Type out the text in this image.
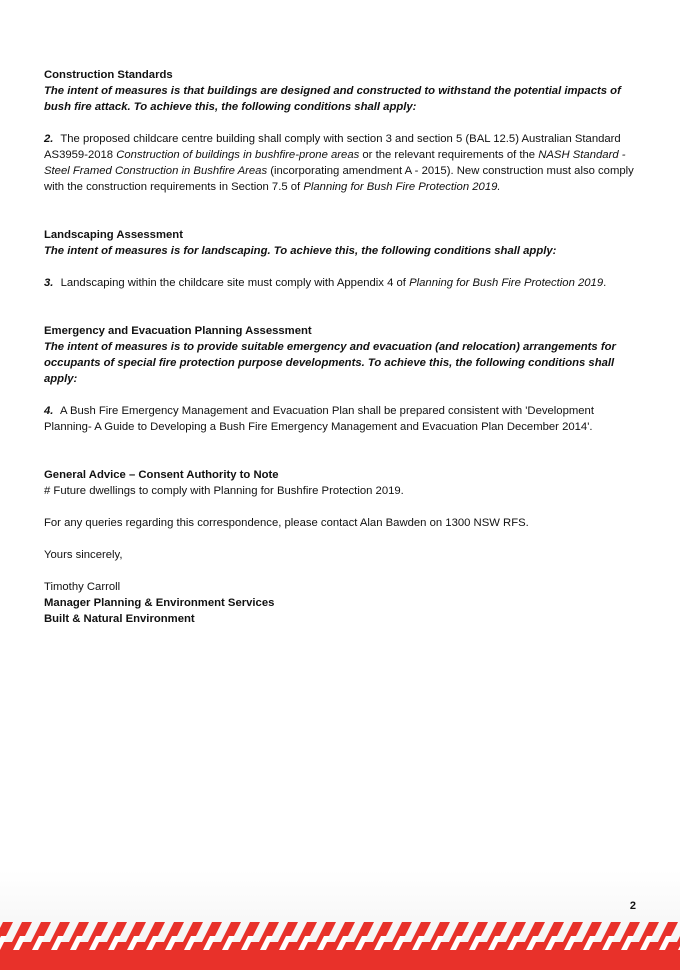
Construction Standards

The intent of measures is that buildings are designed and constructed to withstand the potential impacts of bush fire attack. To achieve this, the following conditions shall apply:

2. The proposed childcare centre building shall comply with section 3 and section 5 (BAL 12.5) Australian Standard AS3959-2018 Construction of buildings in bushfire-prone areas or the relevant requirements of the NASH Standard - Steel Framed Construction in Bushfire Areas (incorporating amendment A - 2015). New construction must also comply with the construction requirements in Section 7.5 of Planning for Bush Fire Protection 2019.

Landscaping Assessment

The intent of measures is for landscaping. To achieve this, the following conditions shall apply:

3. Landscaping within the childcare site must comply with Appendix 4 of Planning for Bush Fire Protection 2019.

Emergency and Evacuation Planning Assessment

The intent of measures is to provide suitable emergency and evacuation (and relocation) arrangements for occupants of special fire protection purpose developments. To achieve this, the following conditions shall apply:

4. A Bush Fire Emergency Management and Evacuation Plan shall be prepared consistent with 'Development Planning- A Guide to Developing a Bush Fire Emergency Management and Evacuation Plan December 2014'.

General Advice – Consent Authority to Note

# Future dwellings to comply with Planning for Bushfire Protection 2019.

For any queries regarding this correspondence, please contact Alan Bawden on 1300 NSW RFS.

Yours sincerely,

Timothy Carroll

Manager Planning & Environment Services

Built & Natural Environment

2
